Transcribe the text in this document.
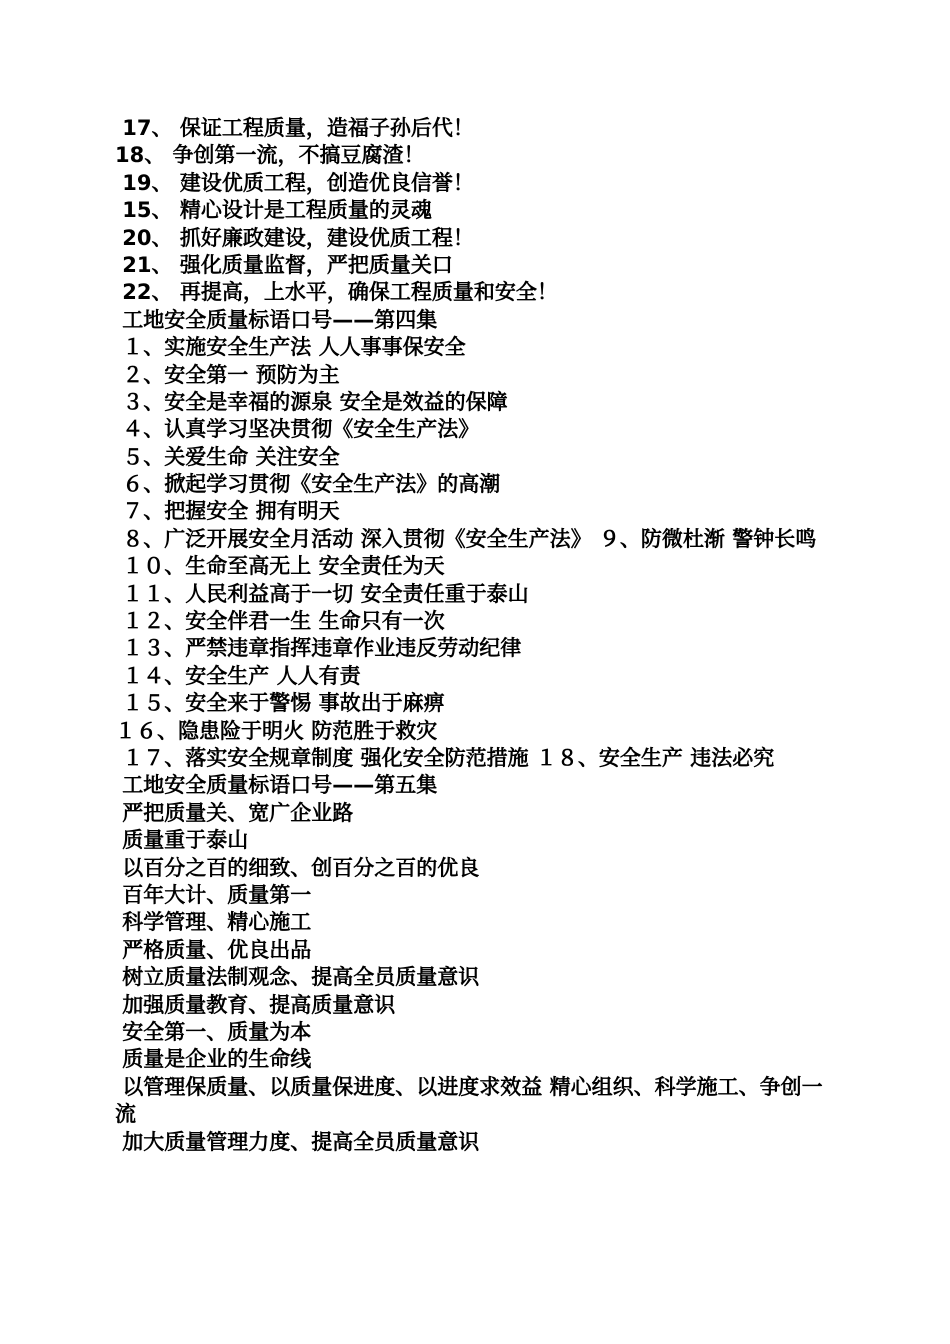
17、 保证工程质量，造福子孙后代！
18、 争创第一流，不搞豆腐渣！
19、 建设优质工程，创造优良信誉！
15、 精心设计是工程质量的灵魂
20、 抓好廉政建设，建设优质工程！
21、 强化质量监督，严把质量关口
22、 再提高，上水平，确保工程质量和安全！
工地安全质量标语口号——第四集
１、实施安全生产法 人人事事保安全
２、安全第一 预防为主
３、安全是幸福的源泉 安全是效益的保障
４、认真学习坚决贯彻《安全生产法》
５、关爱生命 关注安全
６、掀起学习贯彻《安全生产法》的高潮
７、把握安全 拥有明天
８、广泛开展安全月活动 深入贯彻《安全生产法》 ９、防微杜渐 警钟长鸣
１０、生命至高无上 安全责任为天
１１、人民利益高于一切 安全责任重于泰山
１２、安全伴君一生 生命只有一次
１３、严禁违章指挥违章作业违反劳动纪律
１４、安全生产 人人有责
１５、安全来于警惕 事故出于麻痹
１６、隐患险于明火 防范胜于救灾
１７、落实安全规章制度 强化安全防范措施 １８、安全生产 违法必究
工地安全质量标语口号——第五集
严把质量关、宽广企业路
质量重于泰山
以百分之百的细致、创百分之百的优良
百年大计、质量第一
科学管理、精心施工
严格质量、优良出品
树立质量法制观念、提高全员质量意识
加强质量教育、提高质量意识
安全第一、质量为本
质量是企业的生命线
以管理保质量、以质量保进度、以进度求效益 精心组织、科学施工、争创一流
加大质量管理力度、提高全员质量意识
